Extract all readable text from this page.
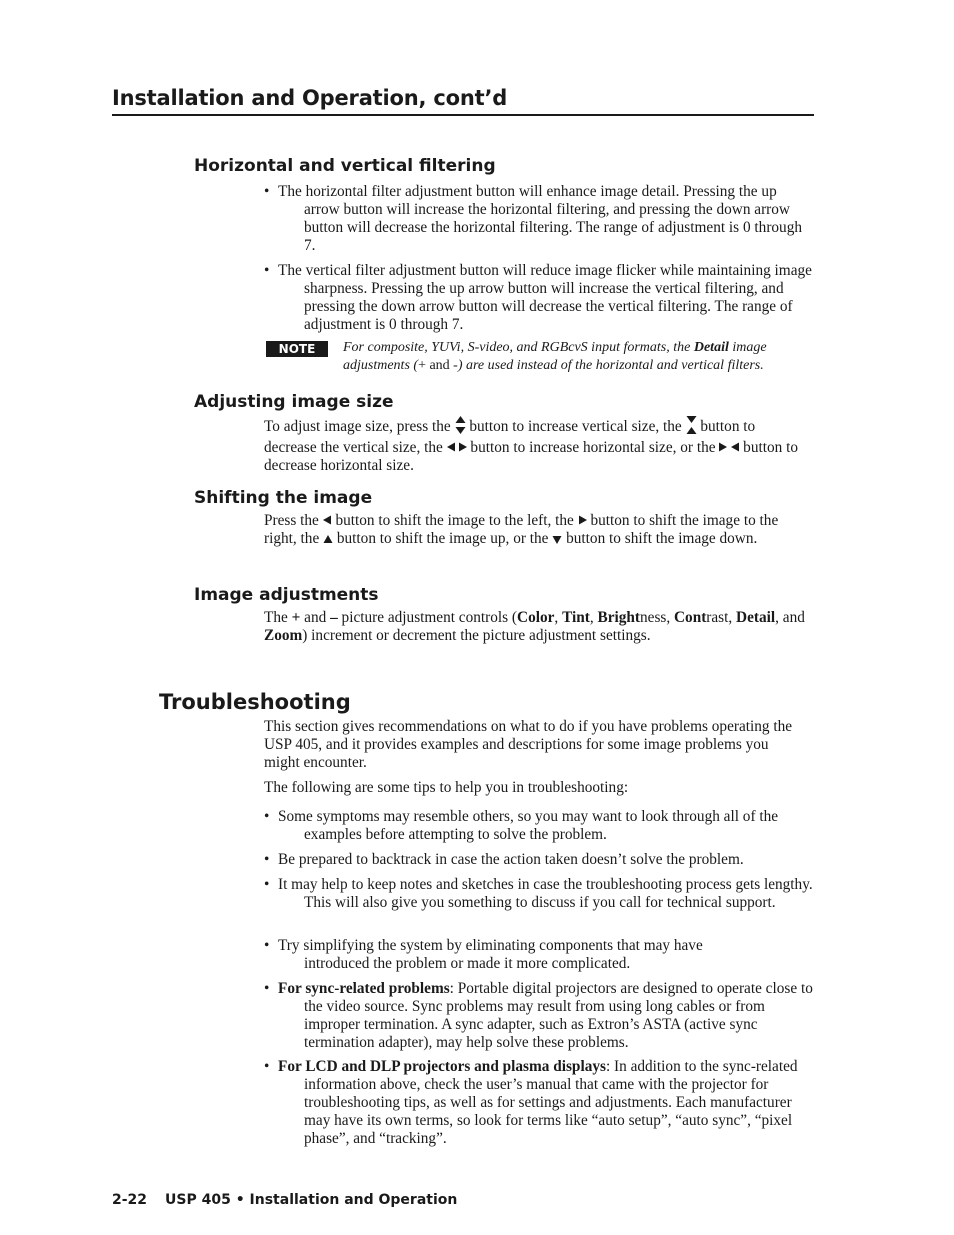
Installation and Operation, cont’d
Horizontal and vertical filtering
• The horizontal filter adjustment button will enhance image detail. Pressing the up arrow button will increase the horizontal filtering, and pressing the down arrow button will decrease the horizontal filtering. The range of adjustment is 0 through 7.
• The vertical filter adjustment button will reduce image flicker while maintaining image sharpness. Pressing the up arrow button will increase the vertical filtering, and pressing the down arrow button will decrease the vertical filtering. The range of adjustment is 0 through 7.
NOTE	For composite, YUVi, S-video, and RGBcvS input formats, the Detail image adjustments (+ and -) are used instead of the horizontal and vertical filters.
Adjusting image size
To adjust image size, press the  button to increase vertical size, the  button to decrease the vertical size, the  button to increase horizontal size, or the  button to decrease horizontal size.
Shifting the image
Press the  button to shift the image to the left, the  button to shift the image to the right, the  button to shift the image up, or the  button to shift the image down.
Image adjustments
The + and – picture adjustment controls (Color, Tint, Brightness, Contrast, Detail, and Zoom) increment or decrement the picture adjustment settings.
Troubleshooting
This section gives recommendations on what to do if you have problems operating the USP 405, and it provides examples and descriptions for some image problems you might encounter.
The following are some tips to help you in troubleshooting:
• Some symptoms may resemble others, so you may want to look through all of the examples before attempting to solve the problem.
• Be prepared to backtrack in case the action taken doesn’t solve the problem.
• It may help to keep notes and sketches in case the troubleshooting process gets lengthy. This will also give you something to discuss if you call for technical support.
• Try simplifying the system by eliminating components that may have introduced the problem or made it more complicated.
• For sync-related problems: Portable digital projectors are designed to operate close to the video source. Sync problems may result from using long cables or from improper termination. A sync adapter, such as Extron’s ASTA (active sync termination adapter), may help solve these problems.
• For LCD and DLP projectors and plasma displays: In addition to the sync-related information above, check the user’s manual that came with the projector for troubleshooting tips, as well as for settings and adjustments. Each manufacturer may have its own terms, so look for terms like “auto setup”, “auto sync”, “pixel phase”, and “tracking”.
2-22 USP 405 • Installation and Operation
